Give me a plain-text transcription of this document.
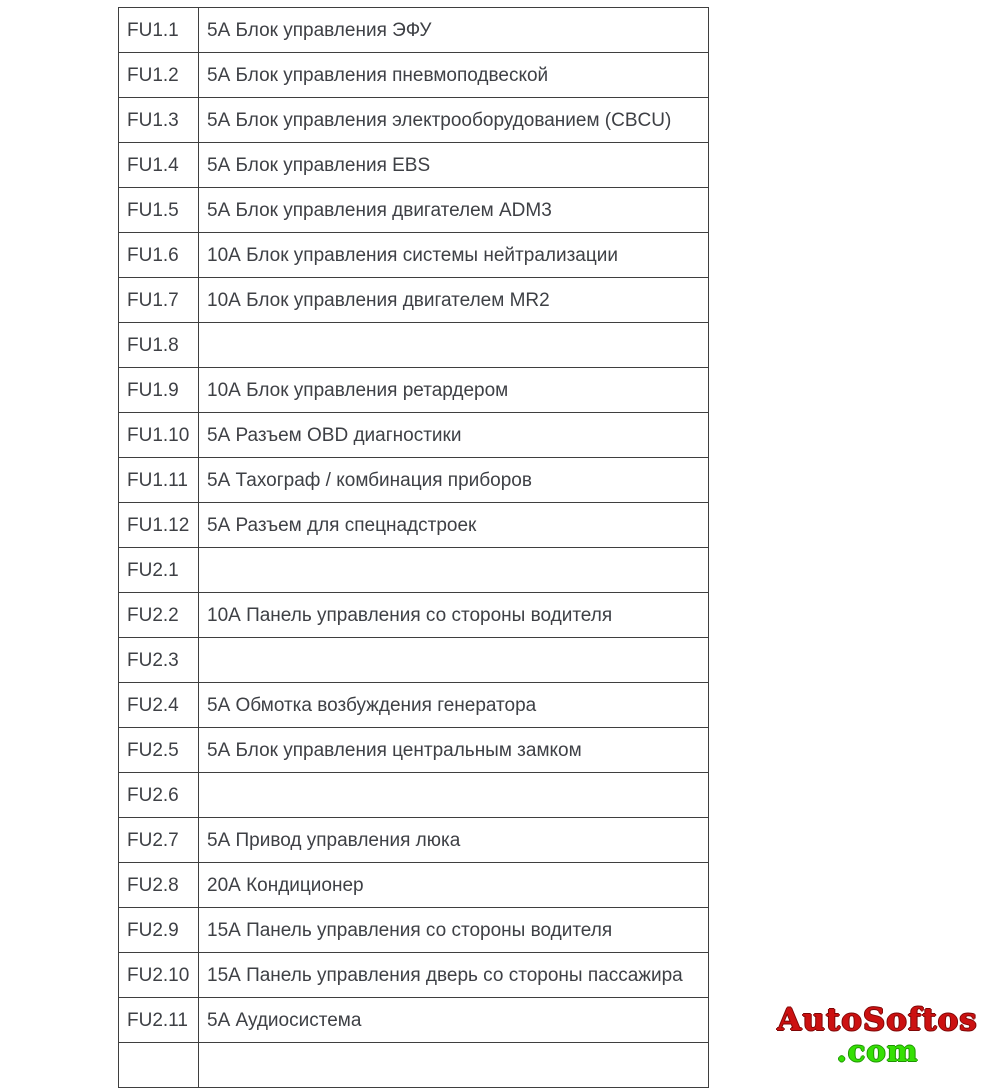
FU1.1	5А Блок управления ЭФУ
FU1.2	5А Блок управления пневмоподвеской
FU1.3	5А Блок управления электрооборудованием (CBCU)
FU1.4	5А Блок управления EBS
FU1.5	5А Блок управления двигателем ADM3
FU1.6	10А Блок управления системы нейтрализации
FU1.7	10А Блок управления двигателем MR2
FU1.8	
FU1.9	10А Блок управления ретардером
FU1.10	5А Разъем OBD диагностики
FU1.11	5А Тахограф / комбинация приборов
FU1.12	5А Разъем для спецнадстроек
FU2.1	
FU2.2	10А Панель управления со стороны водителя
FU2.3	
FU2.4	5А Обмотка возбуждения генератора
FU2.5	5А Блок управления центральным замком
FU2.6	
FU2.7	5А Привод управления люка
FU2.8	20А Кондиционер
FU2.9	15А Панель управления со стороны водителя
FU2.10	15А Панель управления дверь со стороны пассажира
FU2.11	5А Аудиосистема
		AutoSoftos
.com
